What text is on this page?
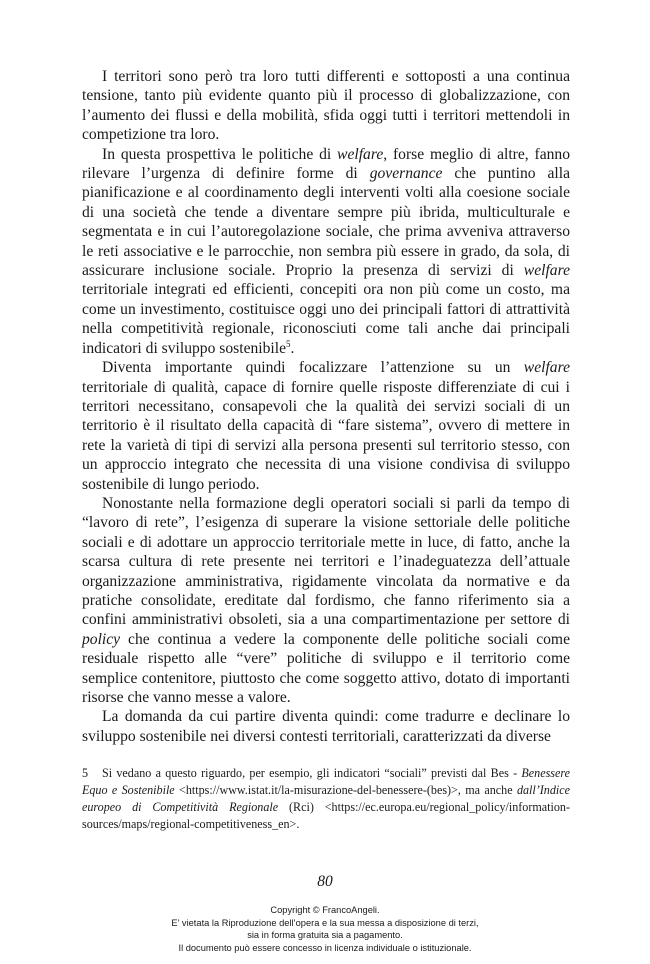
I territori sono però tra loro tutti differenti e sottoposti a una continua tensione, tanto più evidente quanto più il processo di globalizzazione, con l’aumento dei flussi e della mobilità, sfida oggi tutti i territori mettendoli in competizione tra loro.

In questa prospettiva le politiche di welfare, forse meglio di altre, fanno rilevare l’urgenza di definire forme di governance che puntino alla pianificazione e al coordinamento degli interventi volti alla coesione sociale di una società che tende a diventare sempre più ibrida, multiculturale e segmentata e in cui l’autoregolazione sociale, che prima avveniva attraverso le reti associative e le parrocchie, non sembra più essere in grado, da sola, di assicurare inclusione sociale. Proprio la presenza di servizi di welfare territoriale integrati ed efficienti, concepiti ora non più come un costo, ma come un investimento, costituisce oggi uno dei principali fattori di attrattività nella competitività regionale, riconosciuti come tali anche dai principali indicatori di sviluppo sostenibile$^5$.

Diventa importante quindi focalizzare l’attenzione su un welfare territoriale di qualità, capace di fornire quelle risposte differenziate di cui i territori necessitano, consapevoli che la qualità dei servizi sociali di un territorio è il risultato della capacità di “fare sistema”, ovvero di mettere in rete la varietà di tipi di servizi alla persona presenti sul territorio stesso, con un approccio integrato che necessita di una visione condivisa di sviluppo sostenibile di lungo periodo.

Nonostante nella formazione degli operatori sociali si parli da tempo di “lavoro di rete”, l’esigenza di superare la visione settoriale delle politiche sociali e di adottare un approccio territoriale mette in luce, di fatto, anche la scarsa cultura di rete presente nei territori e l’inadeguatezza dell’attuale organizzazione amministrativa, rigidamente vincolata da normative e da pratiche consolidate, ereditate dal fordismo, che fanno riferimento sia a confini amministrativi obsoleti, sia a una compartimentazione per settore di policy che continua a vedere la componente delle politiche sociali come residuale rispetto alle “vere” politiche di sviluppo e il territorio come semplice contenitore, piuttosto che come soggetto attivo, dotato di importanti risorse che vanno messe a valore.

La domanda da cui partire diventa quindi: come tradurre e declinare lo sviluppo sostenibile nei diversi contesti territoriali, caratterizzati da diverse

5 Si vedano a questo riguardo, per esempio, gli indicatori “sociali” previsti dal Bes - Benessere Equo e Sostenibile <https://www.istat.it/la-misurazione-del-benessere-(bes)>, ma anche dall’Indice europeo di Competitività Regionale (Rci) <https://ec.europa.eu/regional_policy/information-sources/maps/regional-competitiveness_en>.

80
Copyright © FrancoAngeli.
E’ vietata la Riproduzione dell’opera e la sua messa a disposizione di terzi,
sia in forma gratuita sia a pagamento.
Il documento può essere concesso in licenza individuale o istituzionale.
